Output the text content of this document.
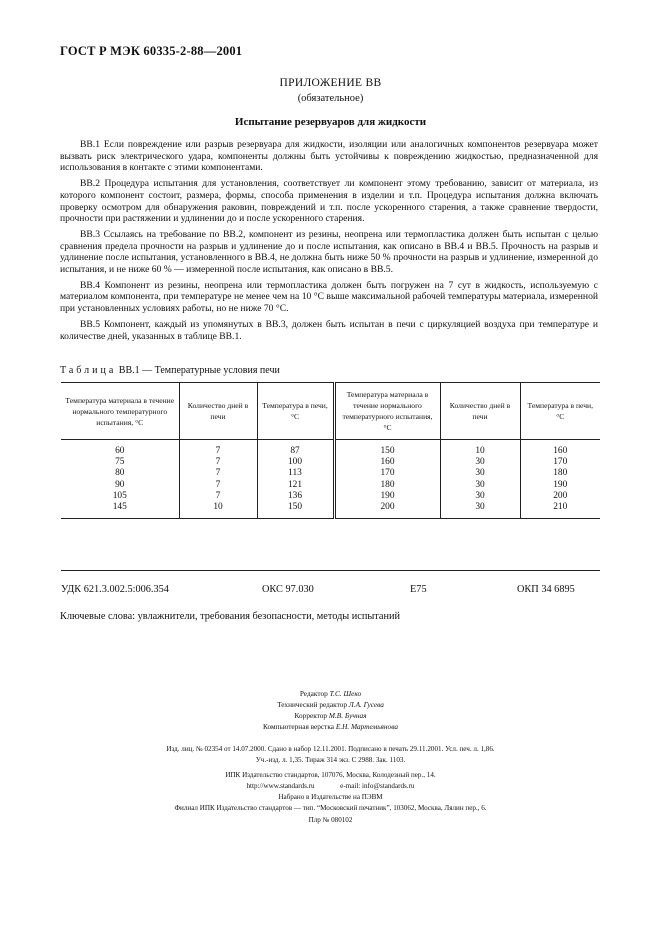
ГОСТ Р МЭК 60335-2-88—2001
ПРИЛОЖЕНИЕ ВВ
(обязательное)
Испытание резервуаров для жидкости

ВВ.1 Если повреждение или разрыв резервуара для жидкости, изоляции или аналогичных компонентов резервуара может вызвать риск электрического удара, компоненты должны быть устойчивы к повреждению жидкостью, предназначенной для использования в контакте с этими компонентами.

ВВ.2 Процедура испытания для установления, соответствует ли компонент этому требованию, зависит от материала, из которого компонент состоит, размера, формы, способа применения в изделии и т.п. Процедура испытания должна включать проверку осмотром для обнаружения раковин, повреждений и т.п. после ускоренного старения, а также сравнение твердости, прочности при растяжении и удлинении до и после ускоренного старения.

ВВ.3 Ссылаясь на требование по ВВ.2, компонент из резины, неопрена или термопластика должен быть испытан с целью сравнения предела прочности на разрыв и удлинение до и после испытания, как описано в ВВ.4 и ВВ.5. Прочность на разрыв и удлинение после испытания, установленного в ВВ.4, не должна быть ниже 50 % прочности на разрыв и удлинение, измеренной до испытания, и не ниже 60 % — измеренной после испытания, как описано в ВВ.5.

ВВ.4 Компонент из резины, неопрена или термопластика должен быть погружен на 7 сут в жидкость, используемую с материалом компонента, при температуре не менее чем на 10 °С выше максимальной рабочей температуры материала, измеренной при установленных условиях работы, но не ниже 70 °С.

ВВ.5 Компонент, каждый из упомянутых в ВВ.3, должен быть испытан в печи с циркуляцией воздуха при температуре и количестве дней, указанных в таблице ВВ.1.

Таблица ВВ.1 — Температурные условия печи
Температура материала в течение нормального температурного испытания, °С	Количество дней в печи	Температура в печи, °С	Температура материала в течение нормального температурного испытания, °С	Количество дней в печи	Температура в печи, °С

60	7	87	150	10	160
75	7	100	160	30	170
80	7	113	170	30	180
90	7	121	180	30	190
105	7	136	190	30	200
145	10	150	200	30	210
УДК 621.3.002.5:006.354	ОКС 97.030	Е75	ОКП 34 6895
Ключевые слова: увлажнители, требования безопасности, методы испытаний
Редактор Т.С. Шеко
Технический редактор Л.А. Гусева
Корректор М.В. Бучная
Компьютерная верстка Е.Н. Мартемьянова
Изд. лиц. № 02354 от 14.07.2000. Сдано в набор 12.11.2001. Подписано в печать 29.11.2001. Усл. печ. л. 1,86.
Уч.-изд. л. 1,35. Тираж 314 экз. С 2988. Зак. 1103.
ИПК Издательство стандартов, 107076, Москва, Колодезный пер., 14.
http://www.standards.ru	e-mail: info@standards.ru
Набрано в Издательстве на ПЭВМ
Филиал ИПК Издательство стандартов — тип. “Московский печатник”, 103062, Москва, Лялин пер., 6.
Плр № 080102
